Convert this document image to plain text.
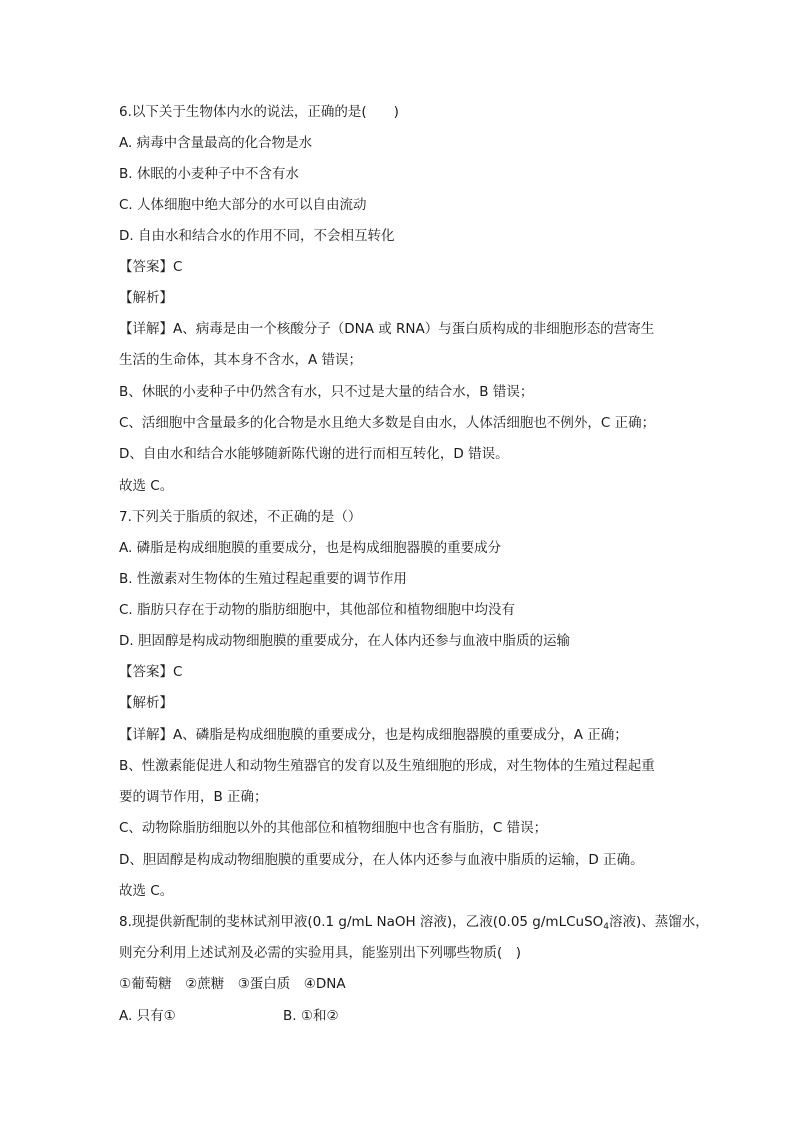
6.以下关于生物体内水的说法，正确的是(　　)
A. 病毒中含量最高的化合物是水
B. 休眠的小麦种子中不含有水
C. 人体细胞中绝大部分的水可以自由流动
D. 自由水和结合水的作用不同，不会相互转化
【答案】C
【解析】
【详解】A、病毒是由一个核酸分子（DNA 或 RNA）与蛋白质构成的非细胞形态的营寄生
生活的生命体，其本身不含水，A 错误；
B、休眠的小麦种子中仍然含有水，只不过是大量的结合水，B 错误；
C、活细胞中含量最多的化合物是水且绝大多数是自由水，人体活细胞也不例外，C 正确；
D、自由水和结合水能够随新陈代谢的进行而相互转化，D 错误。
故选 C。
7.下列关于脂质的叙述，不正确的是（）
A. 磷脂是构成细胞膜的重要成分，也是构成细胞器膜的重要成分
B. 性激素对生物体的生殖过程起重要的调节作用
C. 脂肪只存在于动物的脂肪细胞中，其他部位和植物细胞中均没有
D. 胆固醇是构成动物细胞膜的重要成分，在人体内还参与血液中脂质的运输
【答案】C
【解析】
【详解】A、磷脂是构成细胞膜的重要成分，也是构成细胞器膜的重要成分，A 正确；
B、性激素能促进人和动物生殖器官的发育以及生殖细胞的形成，对生物体的生殖过程起重
要的调节作用，B 正确；
C、动物除脂肪细胞以外的其他部位和植物细胞中也含有脂肪，C 错误；
D、胆固醇是构成动物细胞膜的重要成分，在人体内还参与血液中脂质的运输，D 正确。
故选 C。
8.现提供新配制的斐林试剂甲液(0.1 g/mL NaOH 溶液)，乙液(0.05 g/mLCuSO$_4$溶液)、蒸馏水，
则充分利用上述试剂及必需的实验用具，能鉴别出下列哪些物质(　)
①葡萄糖　②蔗糖　③蛋白质　④DNA
A. 只有①	B. ①和②
